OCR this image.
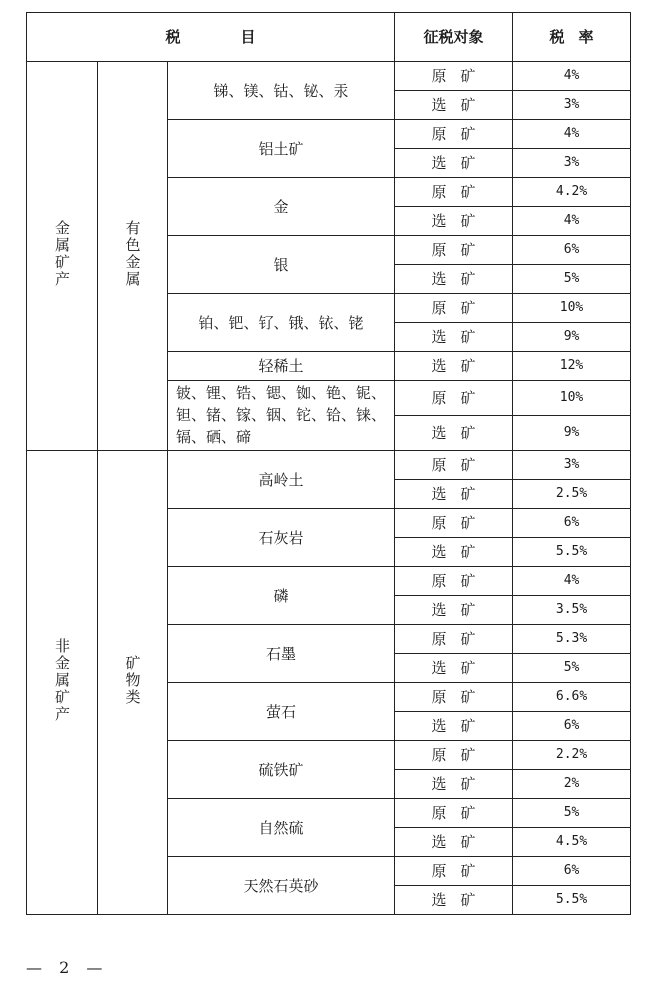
税目			征税对象	税率
金属矿产	有色金属	锑、镁、钴、铋、汞	原矿	4%
			选矿	3%
		铝土矿	原矿	4%
			选矿	3%
		金	原矿	4.2%
			选矿	4%
		银	原矿	6%
			选矿	5%
		铂、钯、钌、锇、铱、铑	原矿	10%
			选矿	9%
		轻稀土	选矿	12%
		铍、锂、锆、锶、铷、铯、铌、钽、锗、镓、铟、铊、铪、铼、镉、硒、碲	原矿	10%
			选矿	9%
非金属矿产	矿物类	高岭土	原矿	3%
			选矿	2.5%
		石灰岩	原矿	6%
			选矿	5.5%
		磷	原矿	4%
			选矿	3.5%
		石墨	原矿	5.3%
			选矿	5%
		萤石	原矿	6.6%
			选矿	6%
		硫铁矿	原矿	2.2%
			选矿	2%
		自然硫	原矿	5%
			选矿	4.5%
		天然石英砂	原矿	6%
			选矿	5.5%
— 2 —
